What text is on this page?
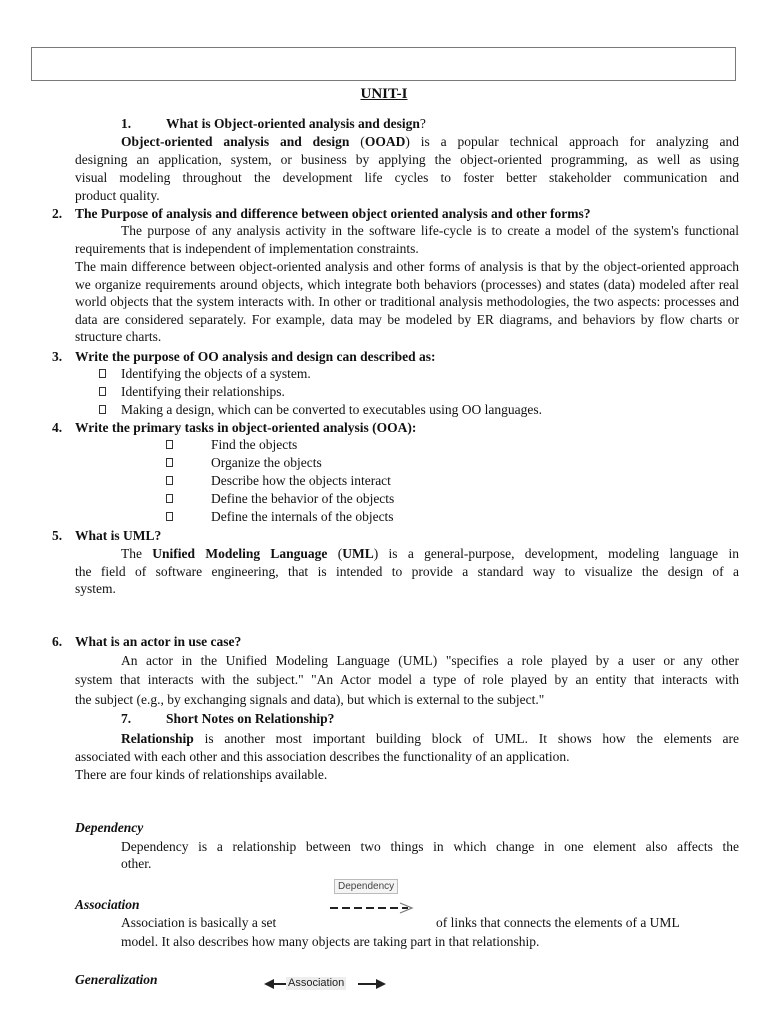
UNIT-I
1.	What is Object-oriented analysis and design?
Object-oriented analysis and design (OOAD) is a popular technical approach for analyzing and
designing an application, system, or business by applying the object-oriented programming, as well as using
visual modeling throughout the development life cycles to foster better stakeholder communication and
product quality.
2. The Purpose of analysis and difference between object oriented analysis and other forms?
The purpose of any analysis activity in the software life-cycle is to create a model of the system's functional requirements that is independent of implementation constraints.
The main difference between object-oriented analysis and other forms of analysis is that by the object-oriented approach we organize requirements around objects, which integrate both behaviors (processes) and states (data) modeled after real world objects that the system interacts with. In other or traditional analysis methodologies, the two aspects: processes and data are considered separately. For example, data may be modeled by ER diagrams, and behaviors by flow charts or structure charts.
3. Write the purpose of OO analysis and design can described as:
Identifying the objects of a system.
Identifying their relationships.
Making a design, which can be converted to executables using OO languages.
4. Write the primary tasks in object-oriented analysis (OOA):
Find the objects
Organize the objects
Describe how the objects interact
Define the behavior of the objects
Define the internals of the objects
5. What is UML?
The Unified Modeling Language (UML) is a general-purpose, development, modeling language in
the field of software engineering, that is intended to provide a standard way to visualize the design of a
system.
6. What is an actor in use case?
An actor in the Unified Modeling Language (UML) "specifies a role played by a user or any other
system that interacts with the subject." "An Actor model a type of role played by an entity that interacts with
the subject (e.g., by exchanging signals and data), but which is external to the subject."
7.	Short Notes on Relationship?
Relationship is another most important building block of UML. It shows how the elements are
associated with each other and this association describes the functionality of an application.
There are four kinds of relationships available.
Dependency
Dependency is a relationship between two things in which change in one element also affects the
other.
Dependency
Association
Association is basically a set	of links that connects the elements of a UML
model. It also describes how many objects are taking part in that relationship.
Generalization	Association
